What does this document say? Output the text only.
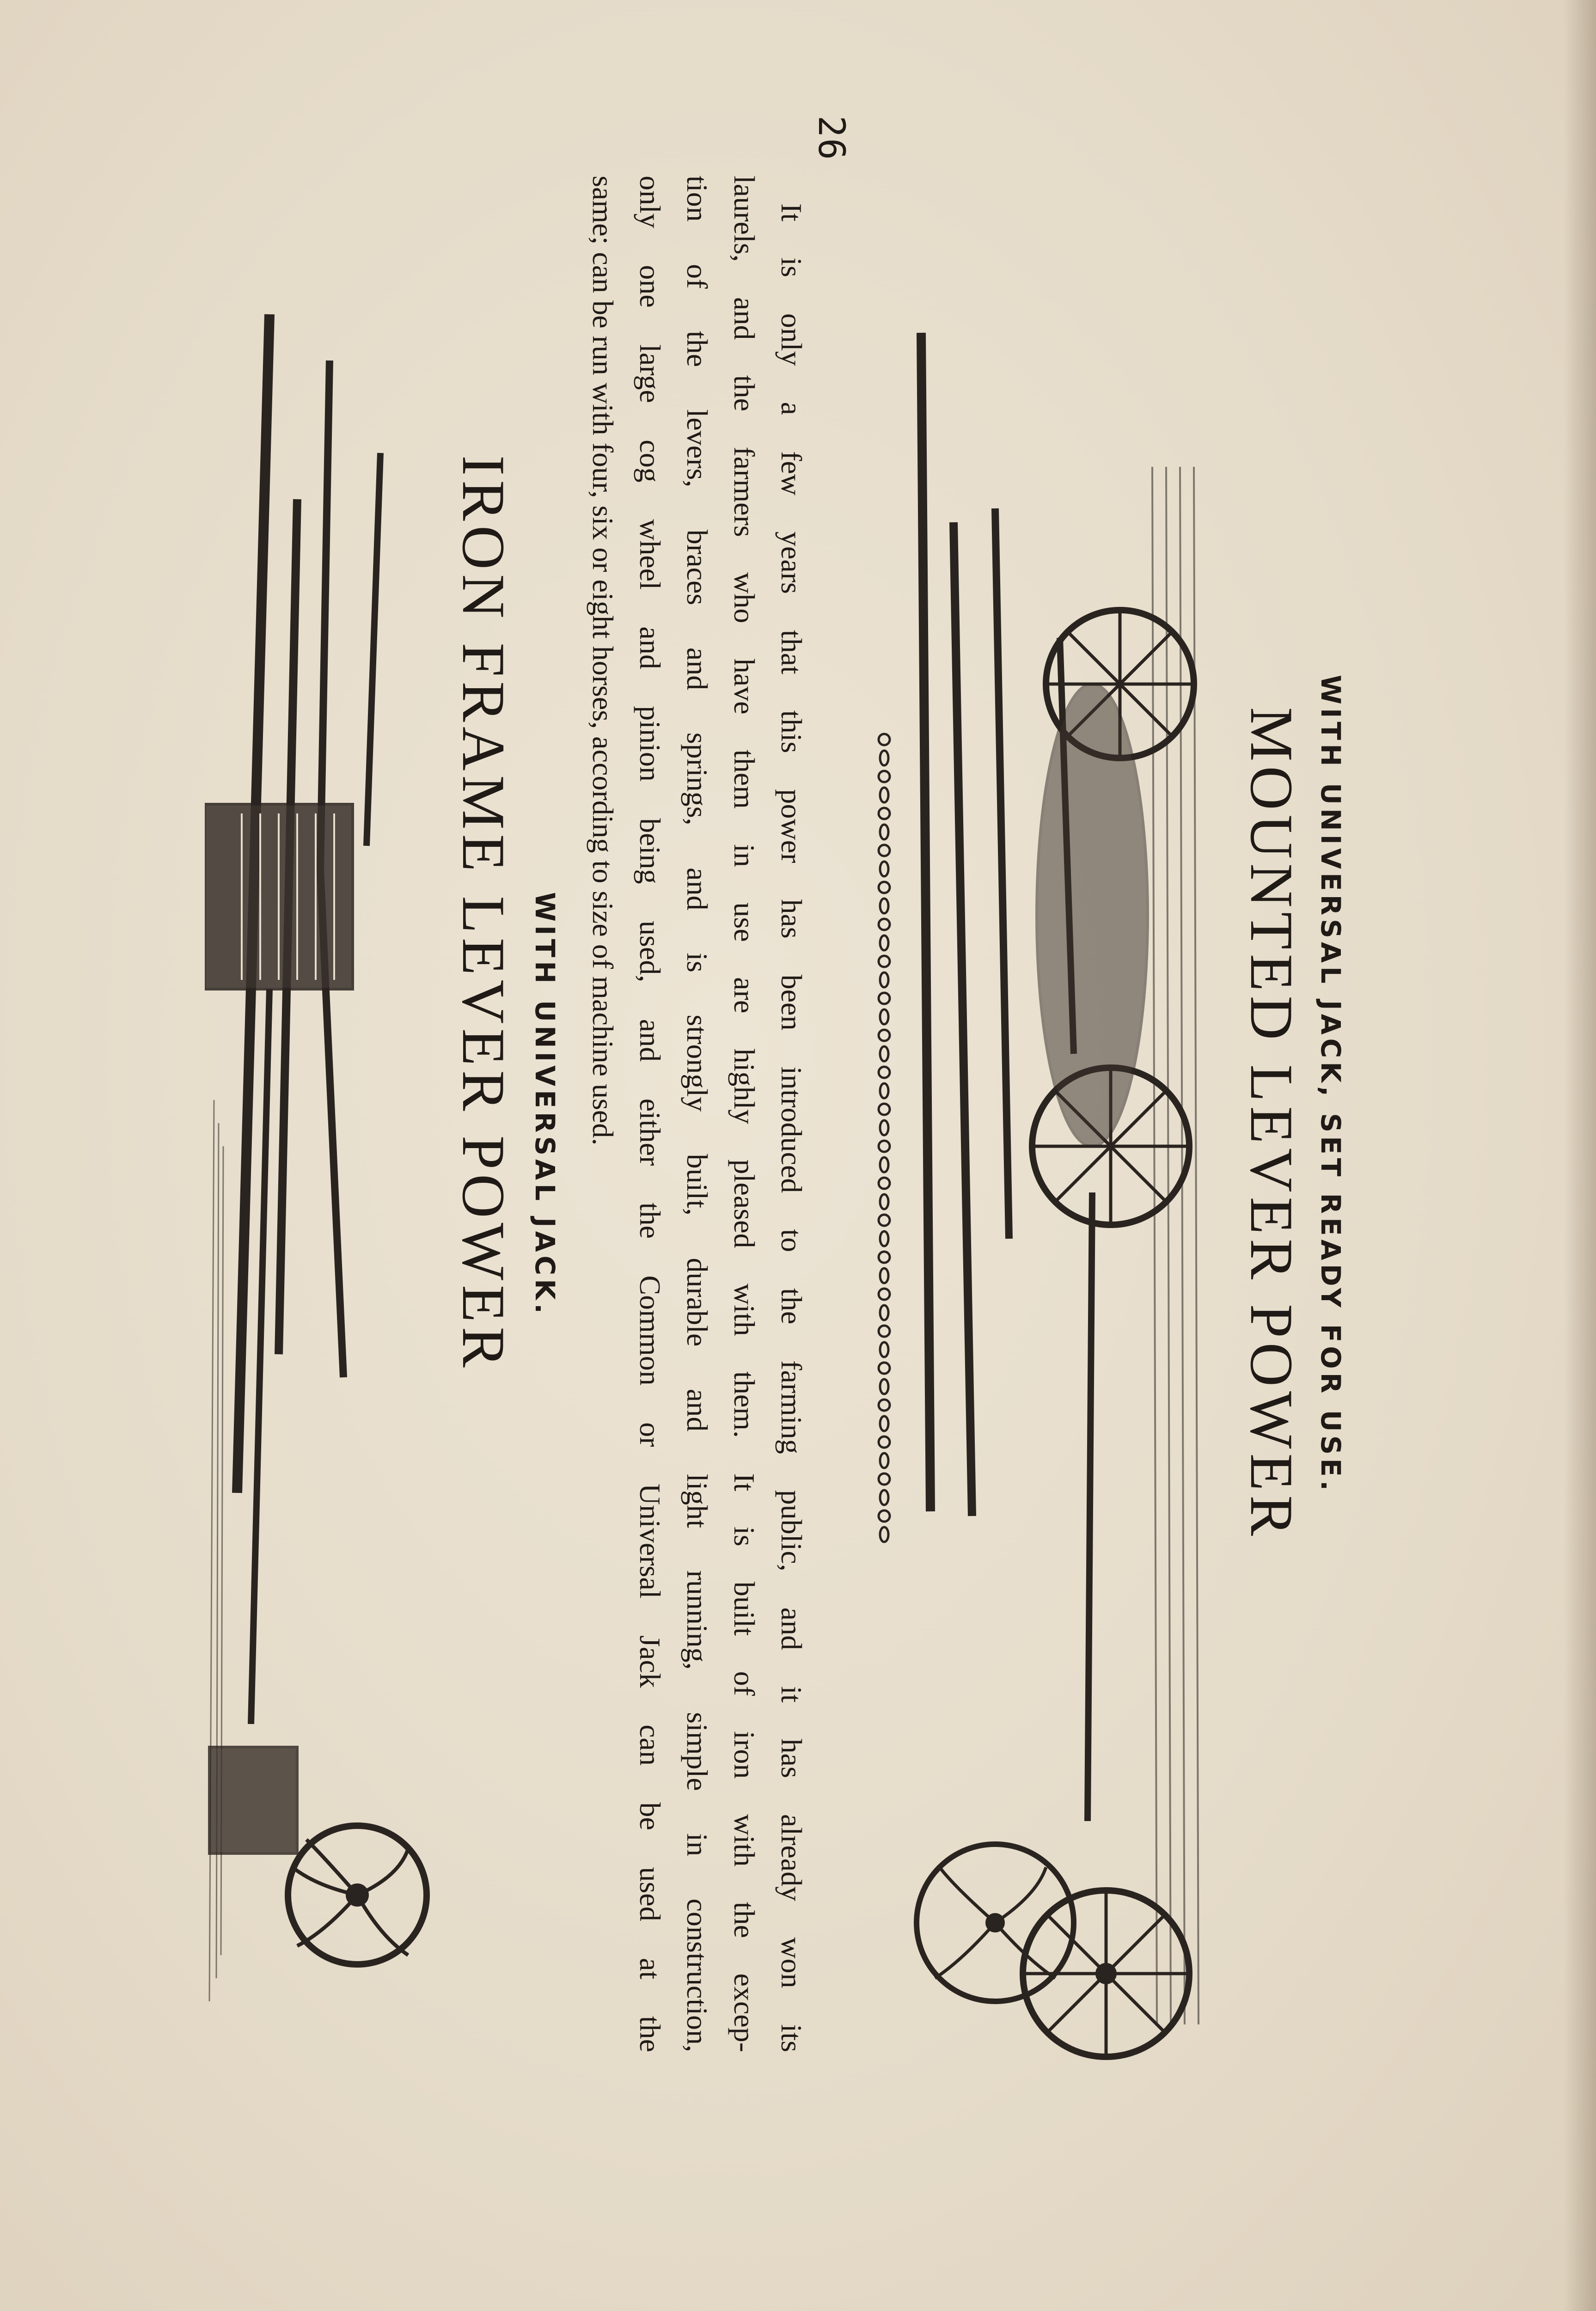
26
IRON FRAME LEVER POWER WITH UNIVERSAL JACK.	It is only a few years that this power has been introduced to the farming public, and it has already won its
laurels, and the farmers who have them in use are highly pleased with them. It is built of iron with the excep-
tion of the levers, braces and springs, and is strongly built, durable and light running, simple in construction,
only one large cog wheel and pinion being used, and either the Common or Universal Jack can be used at the
same; can be run with four, six or eight horses, according to size of machine used.	MOUNTED LEVER POWER WITH UNIVERSAL JACK, SET READY FOR USE.
